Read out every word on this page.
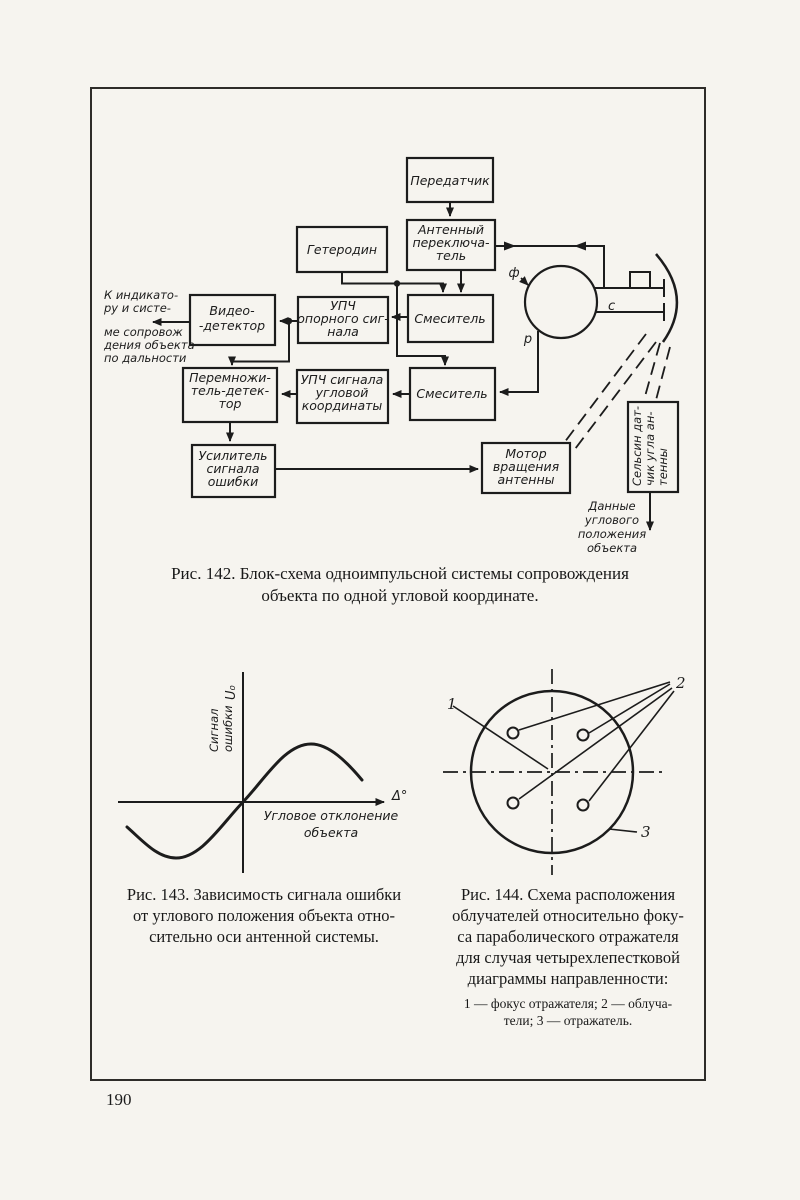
Передатчик
Антенный
переключа-
тель
Гетеродин
Видео-
-детектор
УПЧ
опорного сиг-
нала
Смеситель
Перемножи-
тель-детек-
тор
УПЧ сигнала
угловой
координаты
Смеситель
Усилитель
сигнала
ошибки
Мотор
вращения
антенны	Сельсин дат- чик угла ан- тенны
ф
с
р
К индикато-
ру и систе-
ме сопровож
дения объекта
по дальности
Данные
углового
положения
объекта
Рис. 142. Блок-схема одноимпульсной системы сопровождения
объекта по одной угловой координате.
Сигнал ошибки
U₀
Δ°
Угловое отклонение
объекта
1
2
3
Рис. 143. Зависимость сигнала ошибки
от углового положения объекта отно-
сительно оси антенной системы.
Рис. 144. Схема расположения
облучателей относительно фоку-
са параболического отражателя
для случая четырехлепестковой
диаграммы направленности:
1 — фокус отражателя; 2 — облуча-
тели; 3 — отражатель.
190
